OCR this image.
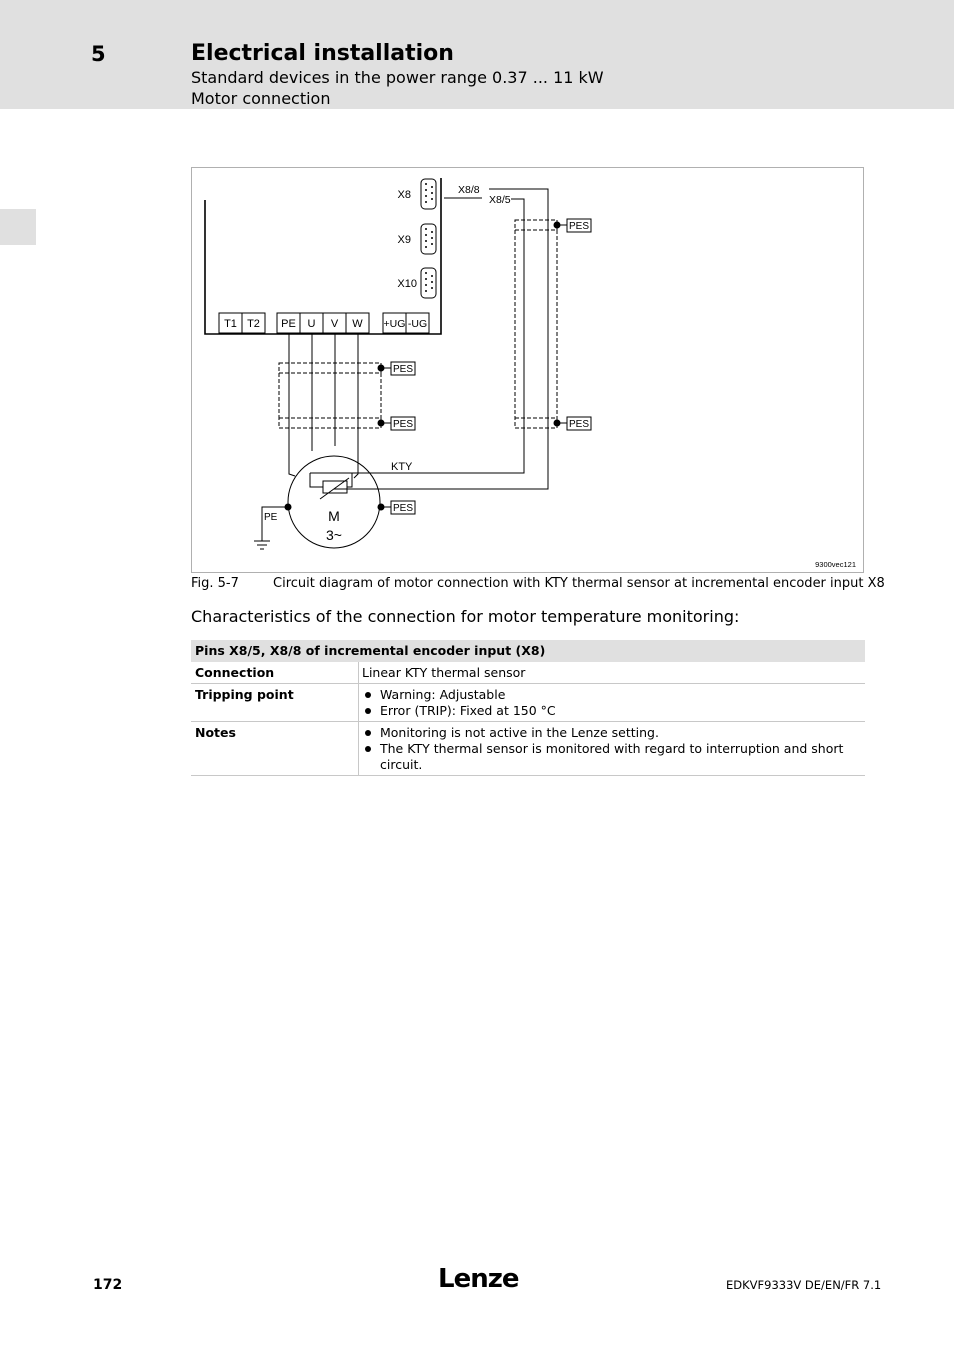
5	Electrical installation
Standard devices in the power range 0.37 ... 11 kW
Motor connection
X8
X9
X10
X8/8
X8/5
T1 T2 PE U V W +UG -UG
PES
PES
PES
PES
PES
KTY
PE	M
3~
9300vec121
Fig. 5-7	Circuit diagram of motor connection with KTY thermal sensor at incremental encoder input X8
Characteristics of the connection for motor temperature monitoring:
Pins X8/5, X8/8 of incremental encoder input (X8)
Connection	Linear KTY thermal sensor
Tripping point	Warning: Adjustable
Error (TRIP): Fixed at 150 °C
Notes	Monitoring is not active in the Lenze setting.
The KTY thermal sensor is monitored with regard to interruption and short circuit.
172	Lenze	EDKVF9333V DE/EN/FR 7.1
